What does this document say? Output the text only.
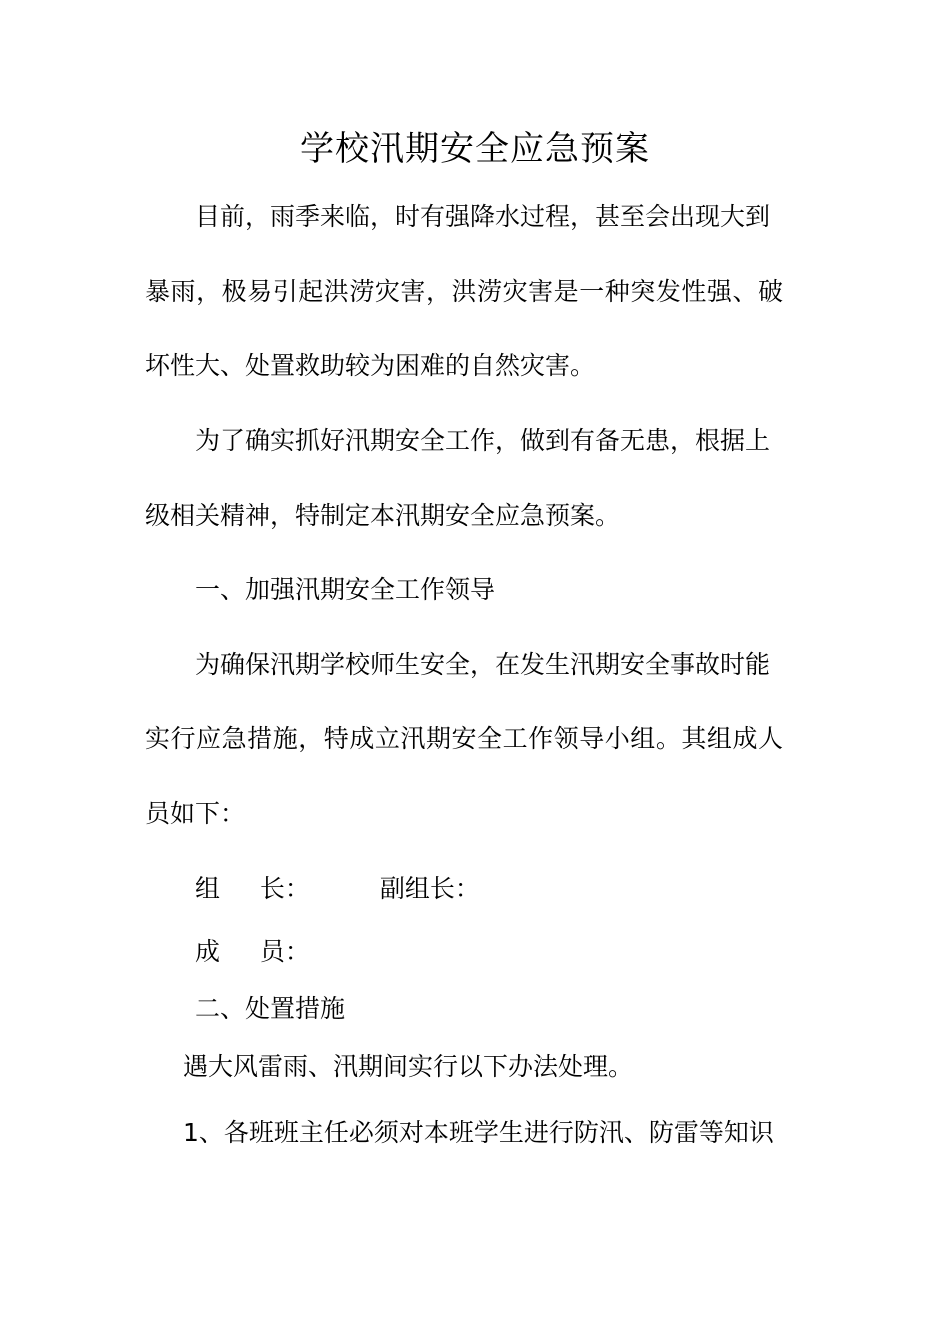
学校汛期安全应急预案
目前，雨季来临，时有强降水过程，甚至会出现大到
暴雨，极易引起洪涝灾害，洪涝灾害是一种突发性强、破
坏性大、处置救助较为困难的自然灾害。
为了确实抓好汛期安全工作，做到有备无患，根据上
级相关精神，特制定本汛期安全应急预案。
一、加强汛期安全工作领导
为确保汛期学校师生安全，在发生汛期安全事故时能
实行应急措施，特成立汛期安全工作领导小组。其组成人
员如下：
组 长：	副组长：
成 员：
二、处置措施
遇大风雷雨、汛期间实行以下办法处理。
1、各班班主任必须对本班学生进行防汛、防雷等知识
